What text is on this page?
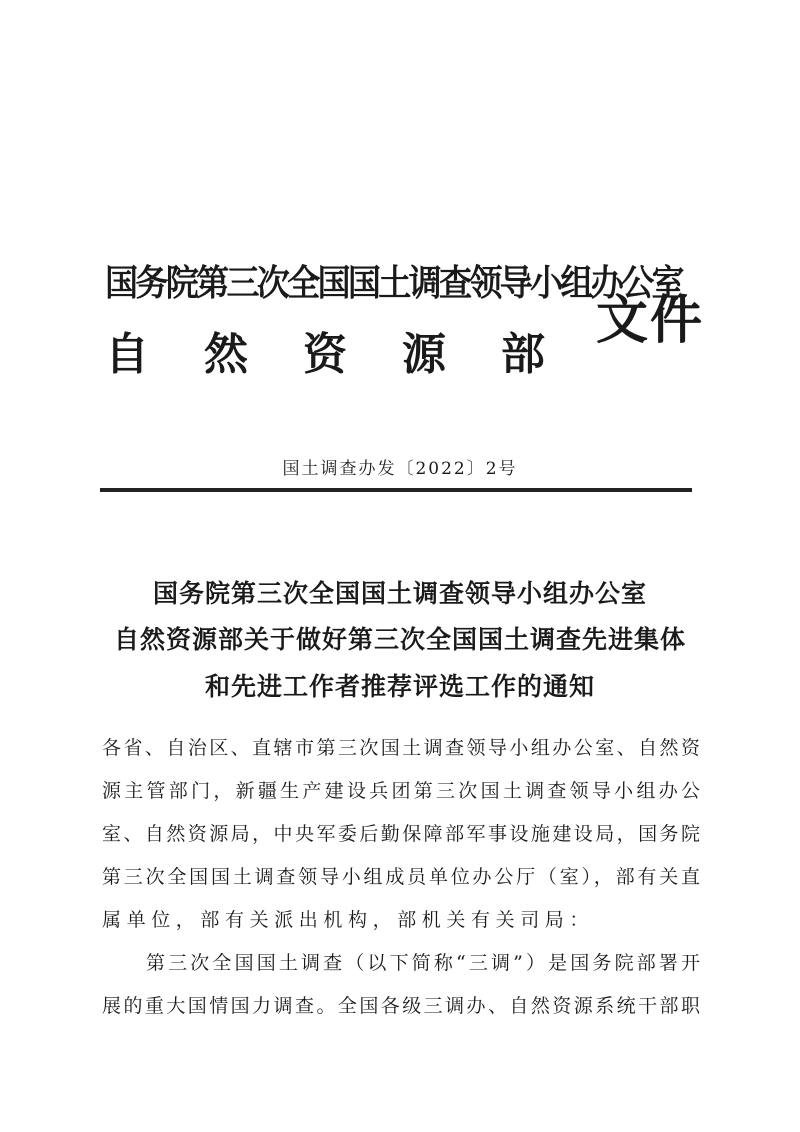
国务院第三次全国国土调查领导小组办公室
自然资源部
文件
国土调查办发〔2022〕2号
国务院第三次全国国土调查领导小组办公室
自然资源部关于做好第三次全国国土调查先进集体
和先进工作者推荐评选工作的通知
各省、自治区、直辖市第三次国土调查领导小组办公室、自然资
源主管部门，新疆生产建设兵团第三次国土调查领导小组办公
室、自然资源局，中央军委后勤保障部军事设施建设局，国务院
第三次全国国土调查领导小组成员单位办公厅（室），部有关直
属单位，部有关派出机构，部机关有关司局：
第三次全国国土调查（以下简称“三调”）是国务院部署开
展的重大国情国力调查。全国各级三调办、自然资源系统干部职
